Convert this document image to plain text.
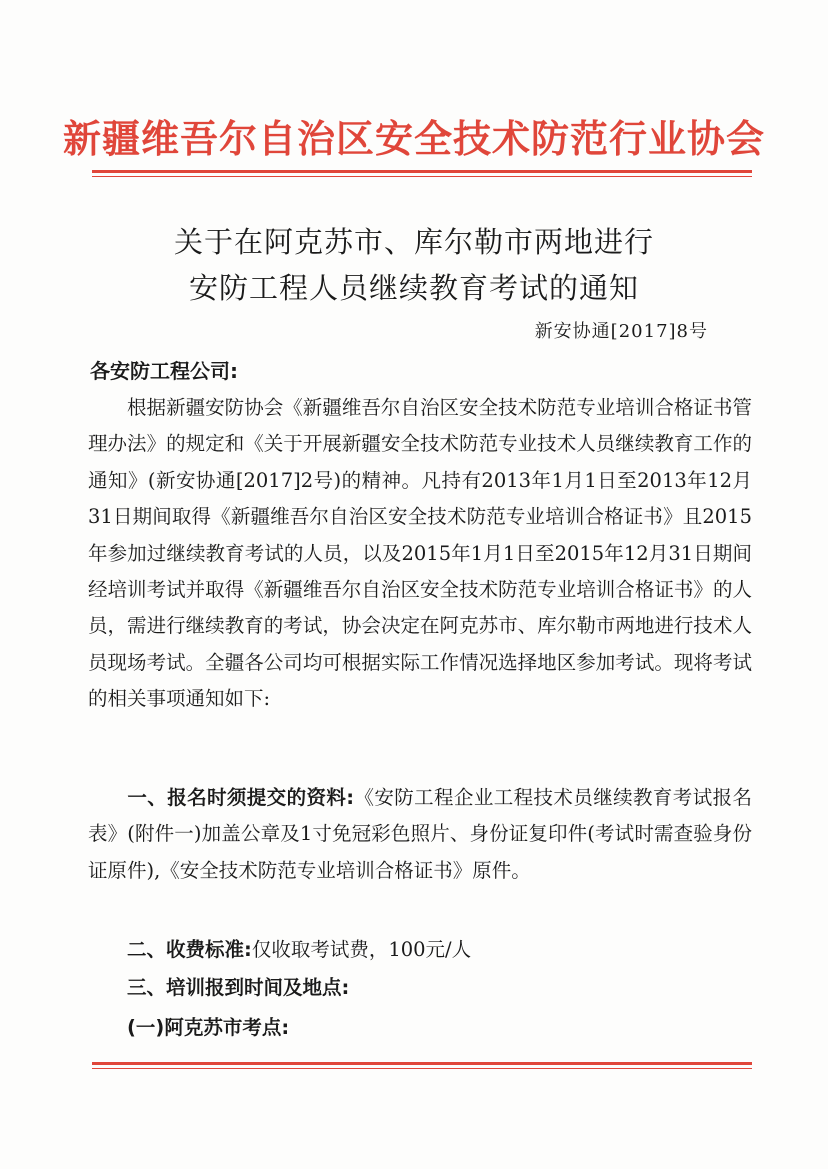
新疆维吾尔自治区安全技术防范行业协会
关于在阿克苏市、库尔勒市两地进行
安防工程人员继续教育考试的通知
新安协通[2017]8号
各安防工程公司:
根据新疆安防协会《新疆维吾尔自治区安全技术防范专业培训合格证书管理办法》的规定和《关于开展新疆安全技术防范专业技术人员继续教育工作的通知》(新安协通[2017]2号)的精神。凡持有2013年1月1日至2013年12月31日期间取得《新疆维吾尔自治区安全技术防范专业培训合格证书》且2015年参加过继续教育考试的人员，以及2015年1月1日至2015年12月31日期间经培训考试并取得《新疆维吾尔自治区安全技术防范专业培训合格证书》的人员，需进行继续教育的考试，协会决定在阿克苏市、库尔勒市两地进行技术人员现场考试。全疆各公司均可根据实际工作情况选择地区参加考试。现将考试的相关事项通知如下:
一、报名时须提交的资料:《安防工程企业工程技术员继续教育考试报名表》(附件一)加盖公章及1寸免冠彩色照片、身份证复印件(考试时需查验身份证原件),《安全技术防范专业培训合格证书》原件。
二、收费标准:仅收取考试费，100元/人
三、培训报到时间及地点:
(一)阿克苏市考点:
